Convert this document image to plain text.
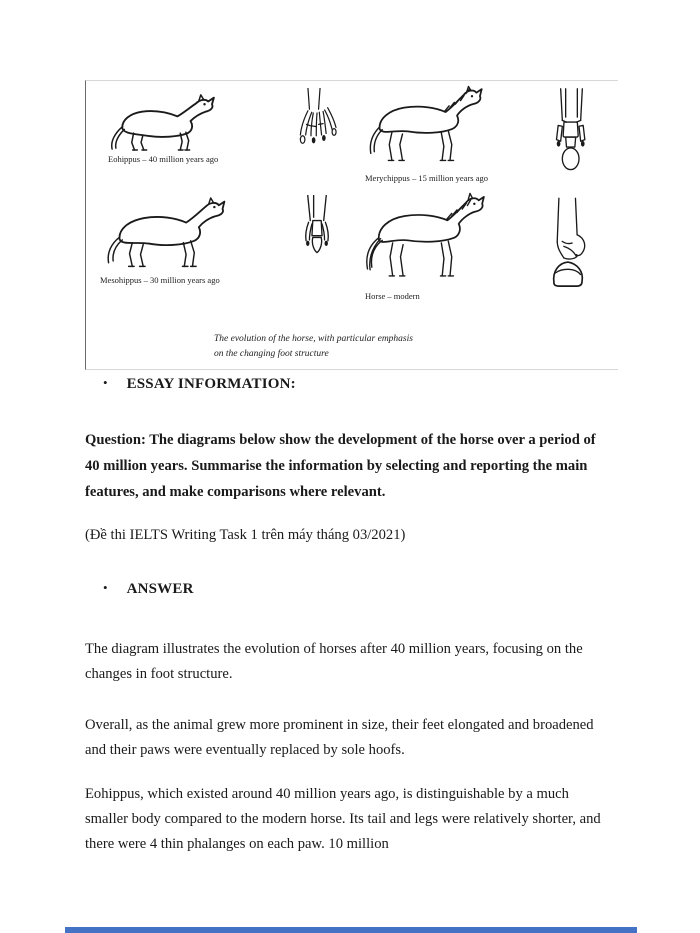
Eohippus – 40 million years ago
Merychippus – 15 million years ago
Mesohippus – 30 million years ago
Horse – modern
The evolution of the horse, with particular emphasis
on the changing foot structure
• ESSAY INFORMATION:
Question: The diagrams below show the development of the horse over a period of 40 million years. Summarise the information by selecting and reporting the main features, and make comparisons where relevant.
(Đề thi IELTS Writing Task 1 trên máy tháng 03/2021)
• ANSWER
The diagram illustrates the evolution of horses after 40 million years, focusing on the changes in foot structure.
Overall, as the animal grew more prominent in size, their feet elongated and broadened and their paws were eventually replaced by sole hoofs.
Eohippus, which existed around 40 million years ago, is distinguishable by a much smaller body compared to the modern horse. Its tail and legs were relatively shorter, and there were 4 thin phalanges on each paw. 10 million
